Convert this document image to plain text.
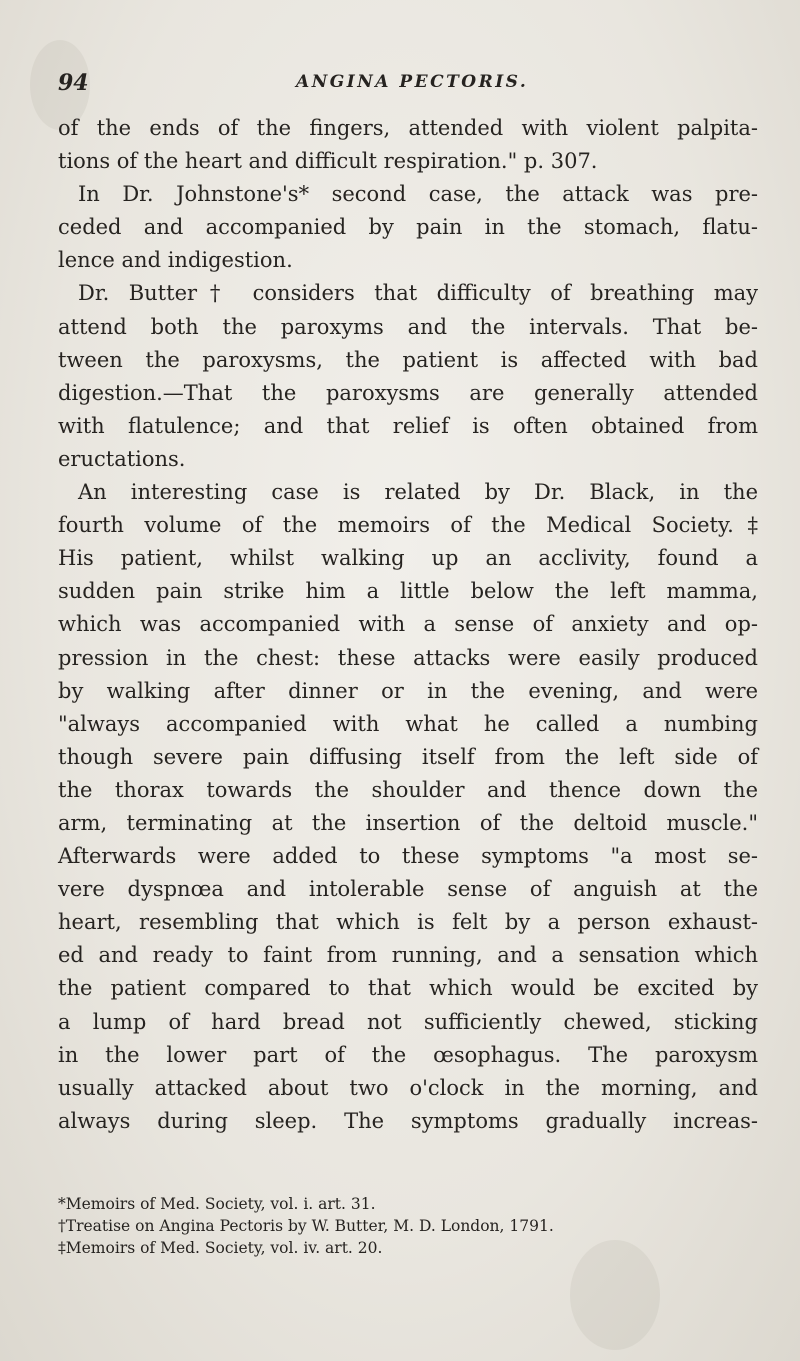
94	ANGINA PECTORIS.
of the ends of the fingers, attended with violent palpita-
tions of the heart and difficult respiration." p. 307.
In Dr. Johnstone's* second case, the attack was pre-
ceded and accompanied by pain in the stomach, flatu-
lence and indigestion.
Dr. Butter† considers that difficulty of breathing may
attend both the paroxyms and the intervals. That be-
tween the paroxysms, the patient is affected with bad
digestion.—That the paroxysms are generally attended
with flatulence; and that relief is often obtained from
eructations.
An interesting case is related by Dr. Black, in the
fourth volume of the memoirs of the Medical Society.‡
His patient, whilst walking up an acclivity, found a
sudden pain strike him a little below the left mamma,
which was accompanied with a sense of anxiety and op-
pression in the chest: these attacks were easily produced
by walking after dinner or in the evening, and were
"always accompanied with what he called a numbing
though severe pain diffusing itself from the left side of
the thorax towards the shoulder and thence down the
arm, terminating at the insertion of the deltoid muscle."
Afterwards were added to these symptoms "a most se-
vere dyspnœa and intolerable sense of anguish at the
heart, resembling that which is felt by a person exhaust-
ed and ready to faint from running, and a sensation which
the patient compared to that which would be excited by
a lump of hard bread not sufficiently chewed, sticking
in the lower part of the œsophagus. The paroxysm
usually attacked about two o'clock in the morning, and
always during sleep. The symptoms gradually increas-
*Memoirs of Med. Society, vol. i. art. 31.
†Treatise on Angina Pectoris by W. Butter, M. D. London, 1791.
‡Memoirs of Med. Society, vol. iv. art. 20.
